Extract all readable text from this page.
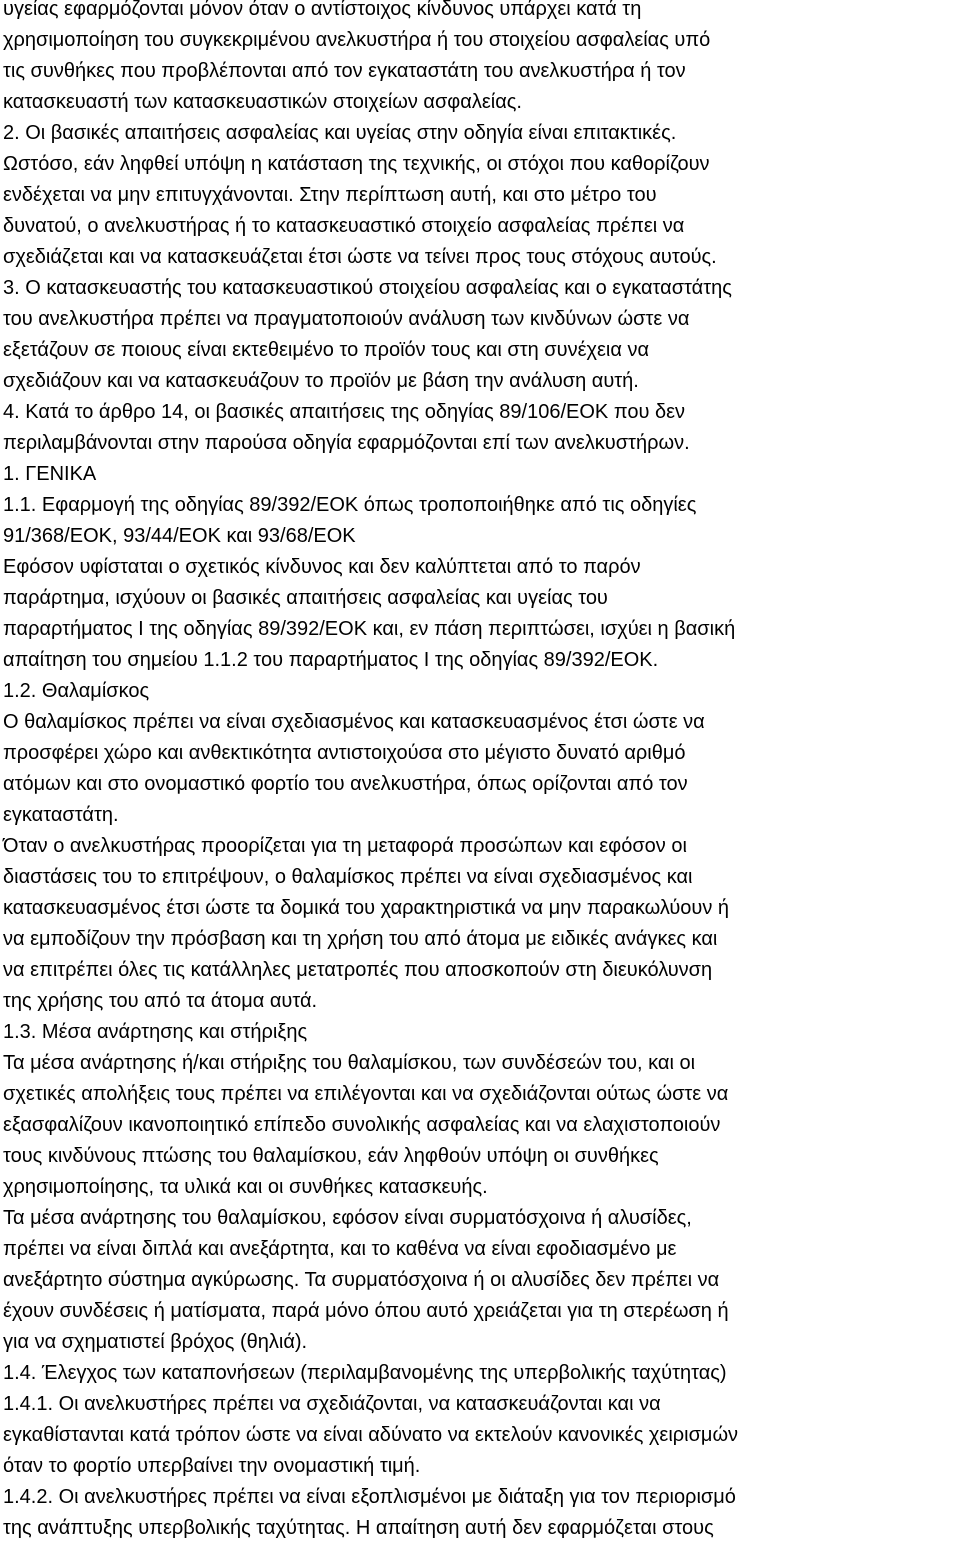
υγείας εφαρμόζονται μόνον όταν ο αντίστοιχος κίνδυνος υπάρχει κατά τη
χρησιμοποίηση του συγκεκριμένου ανελκυστήρα ή του στοιχείου ασφαλείας υπό
τις συνθήκες που προβλέπονται από τον εγκαταστάτη του ανελκυστήρα ή τον
κατασκευαστή των κατασκευαστικών στοιχείων ασφαλείας.
2. Οι βασικές απαιτήσεις ασφαλείας και υγείας στην οδηγία είναι επιτακτικές.
Ωστόσο, εάν ληφθεί υπόψη η κατάσταση της τεχνικής, οι στόχοι που καθορίζουν
ενδέχεται να μην επιτυγχάνονται. Στην περίπτωση αυτή, και στο μέτρο του
δυνατού, ο ανελκυστήρας ή το κατασκευαστικό στοιχείο ασφαλείας πρέπει να
σχεδιάζεται και να κατασκευάζεται έτσι ώστε να τείνει προς τους στόχους αυτούς.
3. Ο κατασκευαστής του κατασκευαστικού στοιχείου ασφαλείας και ο εγκαταστάτης
του ανελκυστήρα πρέπει να πραγματοποιούν ανάλυση των κινδύνων ώστε να
εξετάζουν σε ποιους είναι εκτεθειμένο το προϊόν τους και στη συνέχεια να
σχεδιάζουν και να κατασκευάζουν το προϊόν με βάση την ανάλυση αυτή.
4. Κατά το άρθρο 14, οι βασικές απαιτήσεις της οδηγίας 89/106/ΕΟΚ που δεν
περιλαμβάνονται στην παρούσα οδηγία εφαρμόζονται επί των ανελκυστήρων.
1. ΓΕΝΙΚΑ
1.1. Εφαρμογή της οδηγίας 89/392/ΕΟΚ όπως τροποποιήθηκε από τις οδηγίες
91/368/ΕΟΚ, 93/44/ΕΟΚ και 93/68/ΕΟΚ
Εφόσον υφίσταται ο σχετικός κίνδυνος και δεν καλύπτεται από το παρόν
παράρτημα, ισχύουν οι βασικές απαιτήσεις ασφαλείας και υγείας του
παραρτήματος Ι της οδηγίας 89/392/ΕΟΚ και, εν πάση περιπτώσει, ισχύει η βασική
απαίτηση του σημείου 1.1.2 του παραρτήματος Ι της οδηγίας 89/392/ΕΟΚ.
1.2. Θαλαμίσκος
Ο θαλαμίσκος πρέπει να είναι σχεδιασμένος και κατασκευασμένος έτσι ώστε να
προσφέρει χώρο και ανθεκτικότητα αντιστοιχούσα στο μέγιστο δυνατό αριθμό
ατόμων και στο ονομαστικό φορτίο του ανελκυστήρα, όπως ορίζονται από τον
εγκαταστάτη.
Όταν ο ανελκυστήρας προορίζεται για τη μεταφορά προσώπων και εφόσον οι
διαστάσεις του το επιτρέψουν, ο θαλαμίσκος πρέπει να είναι σχεδιασμένος και
κατασκευασμένος έτσι ώστε τα δομικά του χαρακτηριστικά να μην παρακωλύουν ή
να εμποδίζουν την πρόσβαση και τη χρήση του από άτομα με ειδικές ανάγκες και
να επιτρέπει όλες τις κατάλληλες μετατροπές που αποσκοπούν στη διευκόλυνση
της χρήσης του από τα άτομα αυτά.
1.3. Μέσα ανάρτησης και στήριξης
Τα μέσα ανάρτησης ή/και στήριξης του θαλαμίσκου, των συνδέσεών του, και οι
σχετικές απολήξεις τους πρέπει να επιλέγονται και να σχεδιάζονται ούτως ώστε να
εξασφαλίζουν ικανοποιητικό επίπεδο συνολικής ασφαλείας και να ελαχιστοποιούν
τους κινδύνους πτώσης του θαλαμίσκου, εάν ληφθούν υπόψη οι συνθήκες
χρησιμοποίησης, τα υλικά και οι συνθήκες κατασκευής.
Τα μέσα ανάρτησης του θαλαμίσκου, εφόσον είναι συρματόσχοινα ή αλυσίδες,
πρέπει να είναι διπλά και ανεξάρτητα, και το καθένα να είναι εφοδιασμένο με
ανεξάρτητο σύστημα αγκύρωσης. Τα συρματόσχοινα ή οι αλυσίδες δεν πρέπει να
έχουν συνδέσεις ή ματίσματα, παρά μόνο όπου αυτό χρειάζεται για τη στερέωση ή
για να σχηματιστεί βρόχος (θηλιά).
1.4. Έλεγχος των καταπονήσεων (περιλαμβανομένης της υπερβολικής ταχύτητας)
1.4.1. Οι ανελκυστήρες πρέπει να σχεδιάζονται, να κατασκευάζονται και να
εγκαθίστανται κατά τρόπον ώστε να είναι αδύνατο να εκτελούν κανονικές χειρισμών
όταν το φορτίο υπερβαίνει την ονομαστική τιμή.
1.4.2. Οι ανελκυστήρες πρέπει να είναι εξοπλισμένοι με διάταξη για τον περιορισμό
της ανάπτυξης υπερβολικής ταχύτητας. Η απαίτηση αυτή δεν εφαρμόζεται στους
